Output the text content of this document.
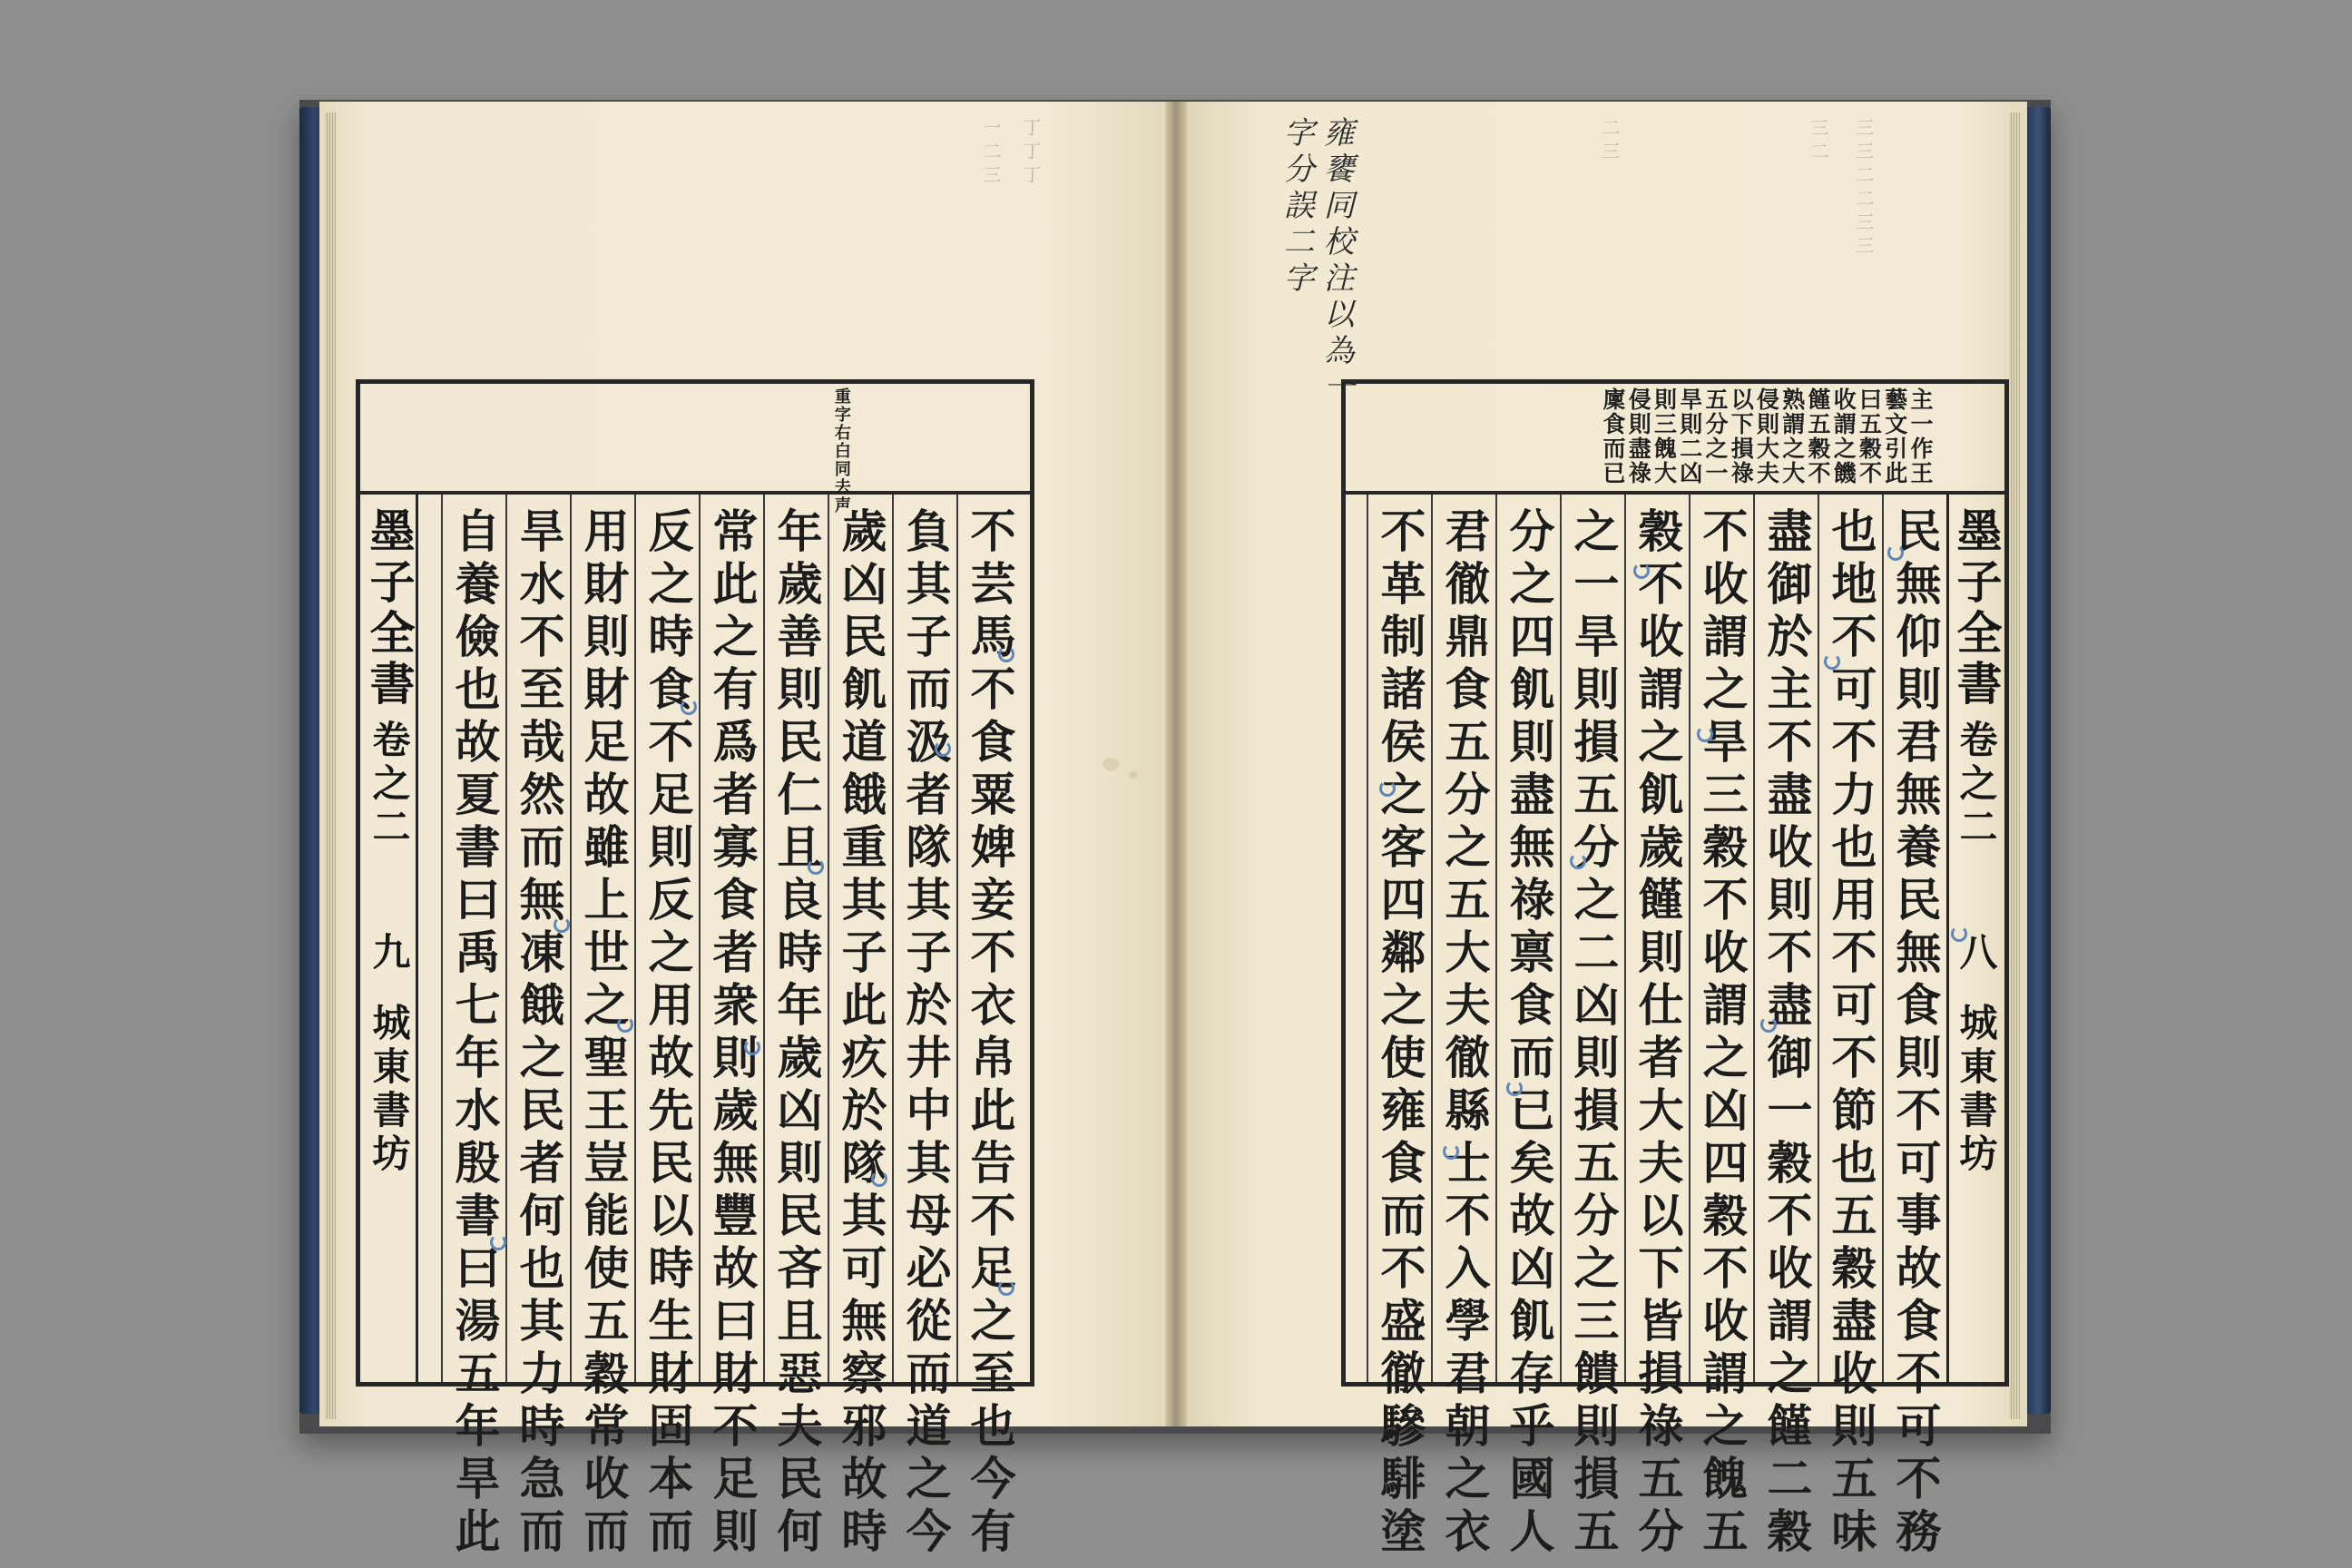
一二三 丁丁丁	二三	三二 三三二二三三
重字右白同去声
不芸馬不食粟婢妾不衣帛此告不足之至也今有
負其子而汲者隊其子於井中其母必從而道之今
歲凶民飢道餓重其子此疚於隊其可無察邪故時
年歲善則民仁且良時年歲凶則民吝且惡夫民何
常此之有爲者寡食者衆則歲無豐故曰財不足則
反之時食不足則反之用故先民以時生財固本而
用財則財足故雖上世之聖王豈能使五穀常收而
旱水不至哉然而無凍餓之民者何也其力時急而
自養儉也故夏書曰禹七年水殷書曰湯五年旱此
墨子全書
卷之二
九
城東書坊
主一作王
藝文引此
曰五穀不
收謂之饑
饉五穀不
熟謂之大
侵則大夫
以下損祿
五分之一
旱則二凶
則三餽大
侵則盡祿
廩食而已
民無仰則君無養民無食則不可事故食不可不務
也地不可不力也用不可不節也五穀盡收則五味
盡御於主不盡收則不盡御一穀不收謂之饉二穀
不收謂之旱三穀不收謂之凶四穀不收謂之餽五
穀不收謂之飢歲饉則仕者大夫以下皆損祿五分
之一旱則損五分之二凶則損五分之三饋則損五
分之四飢則盡無祿禀食而已矣故凶飢存乎國人
君徹鼎食五分之五大夫徹縣士不入學君朝之衣
不革制諸侯之客四鄰之使雍食而不盛徹驂騑塗	墨子全書
卷之二
八
城東書坊
雍饔同校注以為一
字分誤二字
